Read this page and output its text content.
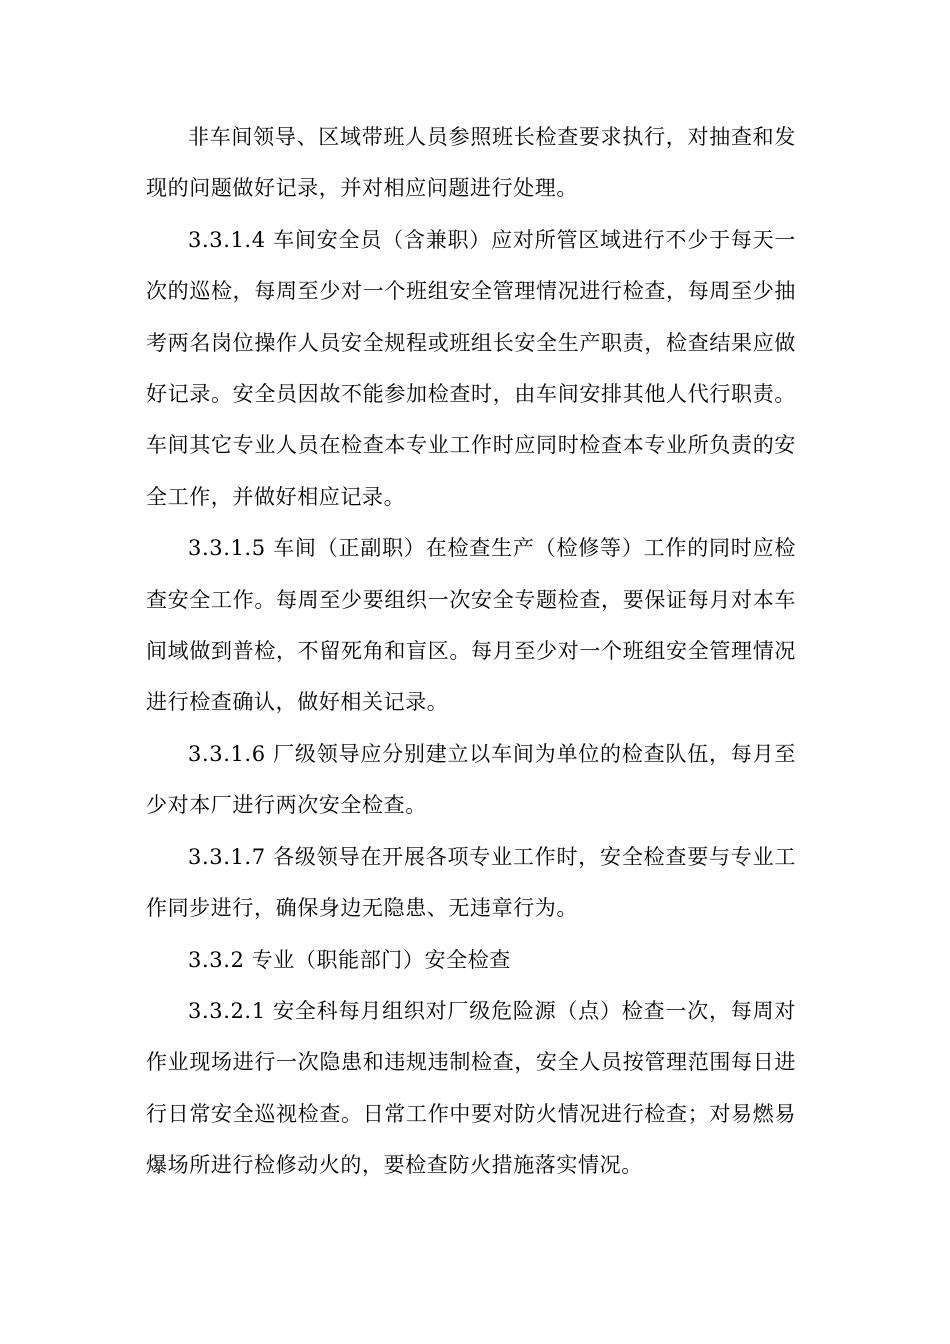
非车间领导、区域带班人员参照班长检查要求执行，对抽查和发现的问题做好记录，并对相应问题进行处理。

3.3.1.4 车间安全员（含兼职）应对所管区域进行不少于每天一次的巡检，每周至少对一个班组安全管理情况进行检查，每周至少抽考两名岗位操作人员安全规程或班组长安全生产职责，检查结果应做好记录。安全员因故不能参加检查时，由车间安排其他人代行职责。车间其它专业人员在检查本专业工作时应同时检查本专业所负责的安全工作，并做好相应记录。

3.3.1.5 车间（正副职）在检查生产（检修等）工作的同时应检查安全工作。每周至少要组织一次安全专题检查，要保证每月对本车间域做到普检，不留死角和盲区。每月至少对一个班组安全管理情况进行检查确认，做好相关记录。

3.3.1.6 厂级领导应分别建立以车间为单位的检查队伍，每月至少对本厂进行两次安全检查。

3.3.1.7 各级领导在开展各项专业工作时，安全检查要与专业工作同步进行，确保身边无隐患、无违章行为。

3.3.2 专业（职能部门）安全检查

3.3.2.1 安全科每月组织对厂级危险源（点）检查一次，每周对作业现场进行一次隐患和违规违制检查，安全人员按管理范围每日进行日常安全巡视检查。日常工作中要对防火情况进行检查；对易燃易爆场所进行检修动火的，要检查防火措施落实情况。
